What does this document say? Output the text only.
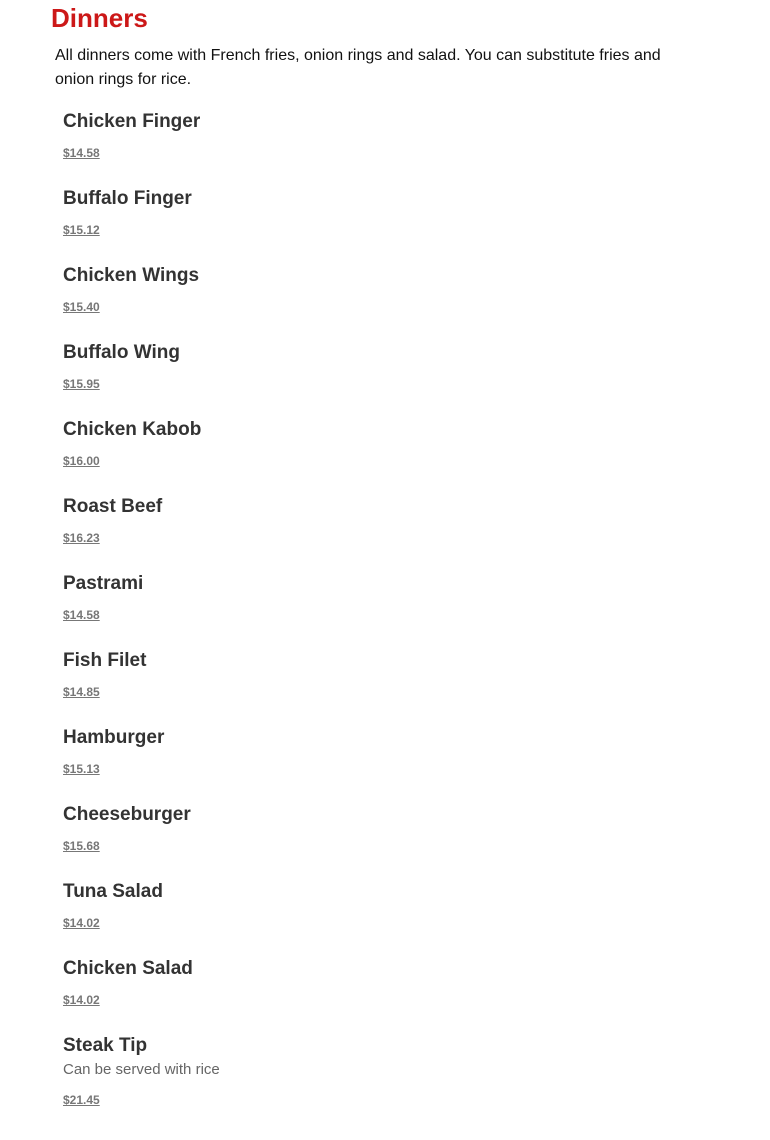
Dinners

All dinners come with French fries, onion rings and salad. You can substitute fries and onion rings for rice.

Chicken Finger
$14.58
Buffalo Finger
$15.12
Chicken Wings
$15.40
Buffalo Wing
$15.95
Chicken Kabob
$16.00
Roast Beef
$16.23
Pastrami
$14.58
Fish Filet
$14.85
Hamburger
$15.13
Cheeseburger
$15.68
Tuna Salad
$14.02
Chicken Salad
$14.02
Steak Tip
Can be served with rice
$21.45
